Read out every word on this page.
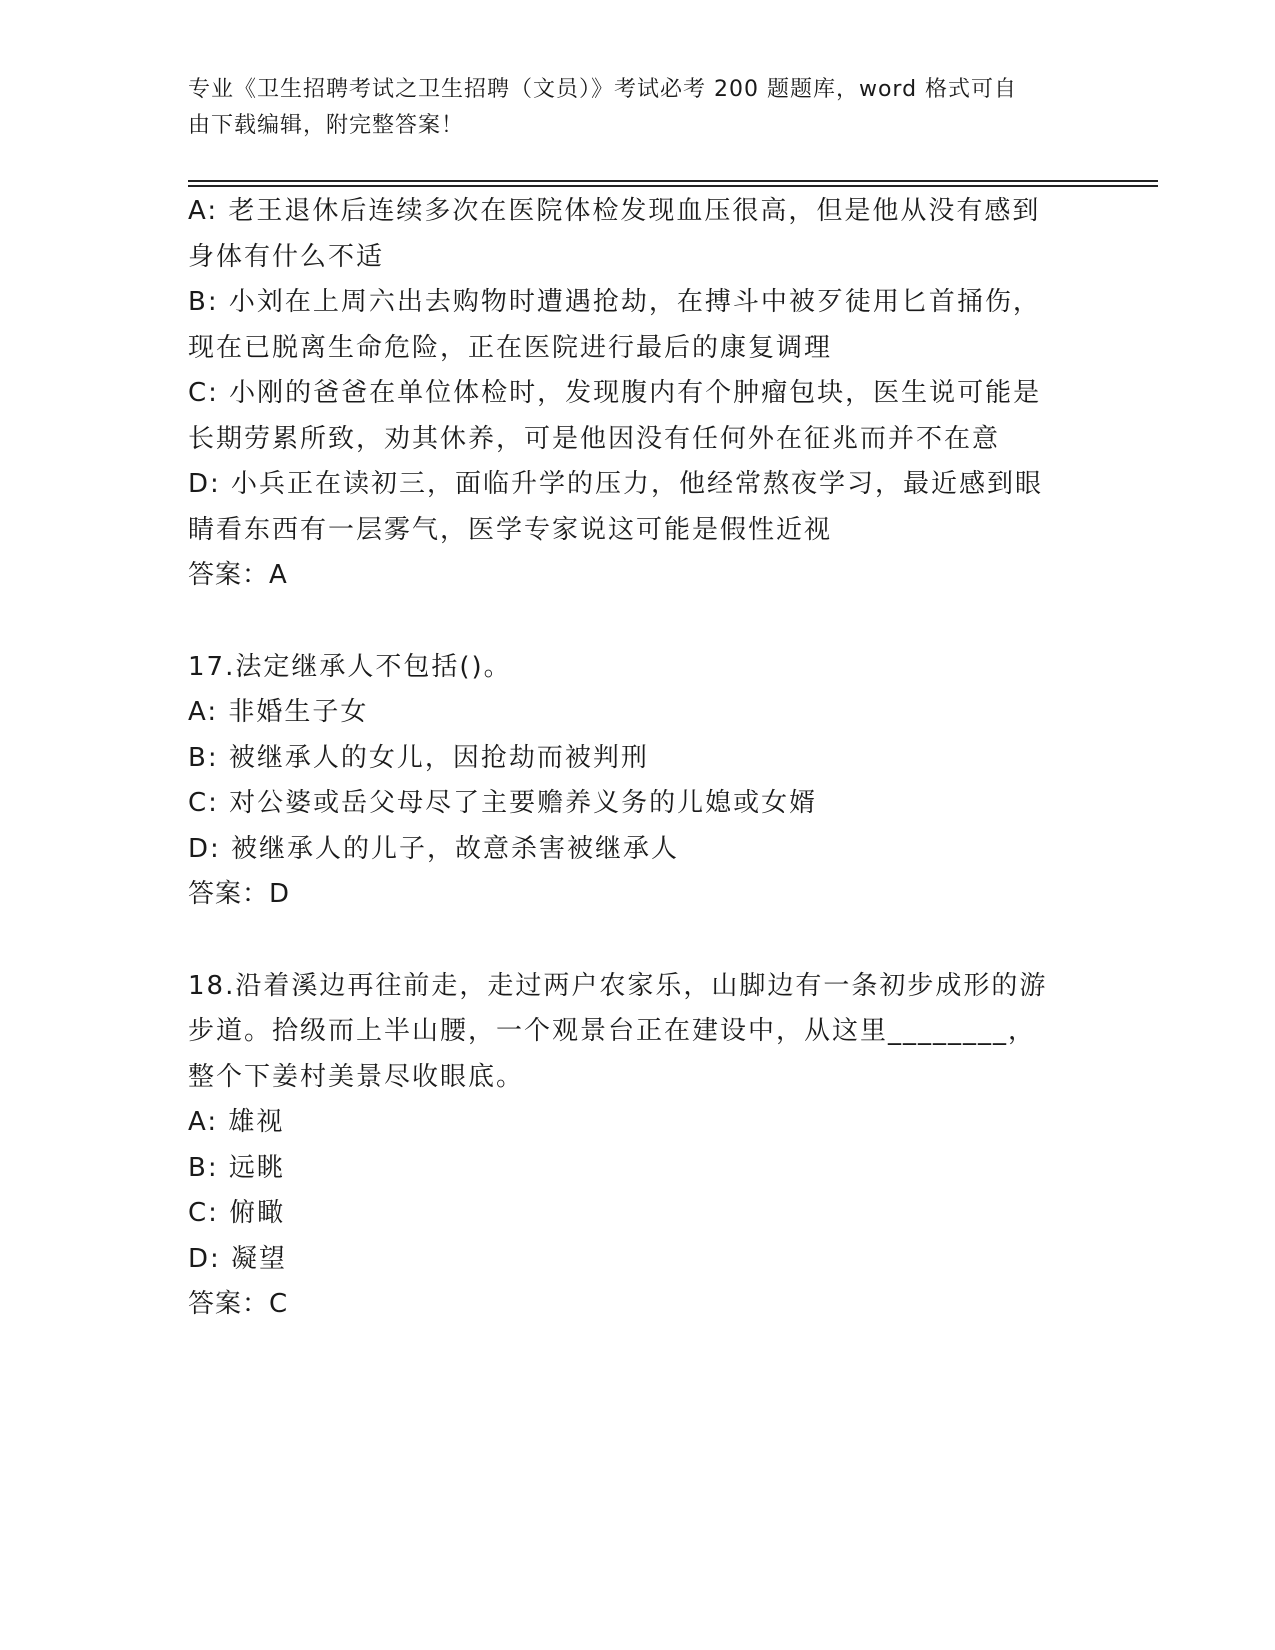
专业《卫生招聘考试之卫生招聘（文员）》考试必考 200 题题库，word 格式可自
由下载编辑，附完整答案！
A: 老王退休后连续多次在医院体检发现血压很高，但是他从没有感到
身体有什么不适
B: 小刘在上周六出去购物时遭遇抢劫，在搏斗中被歹徒用匕首捅伤，
现在已脱离生命危险，正在医院进行最后的康复调理
C: 小刚的爸爸在单位体检时，发现腹内有个肿瘤包块，医生说可能是
长期劳累所致，劝其休养，可是他因没有任何外在征兆而并不在意
D: 小兵正在读初三，面临升学的压力，他经常熬夜学习，最近感到眼
睛看东西有一层雾气，医学专家说这可能是假性近视
答案：A
17.法定继承人不包括()。
A: 非婚生子女
B: 被继承人的女儿，因抢劫而被判刑
C: 对公婆或岳父母尽了主要赡养义务的儿媳或女婿
D: 被继承人的儿子，故意杀害被继承人
答案：D
18.沿着溪边再往前走，走过两户农家乐，山脚边有一条初步成形的游
步道。拾级而上半山腰，一个观景台正在建设中，从这里________，
整个下姜村美景尽收眼底。
A: 雄视
B: 远眺
C: 俯瞰
D: 凝望
答案：C
